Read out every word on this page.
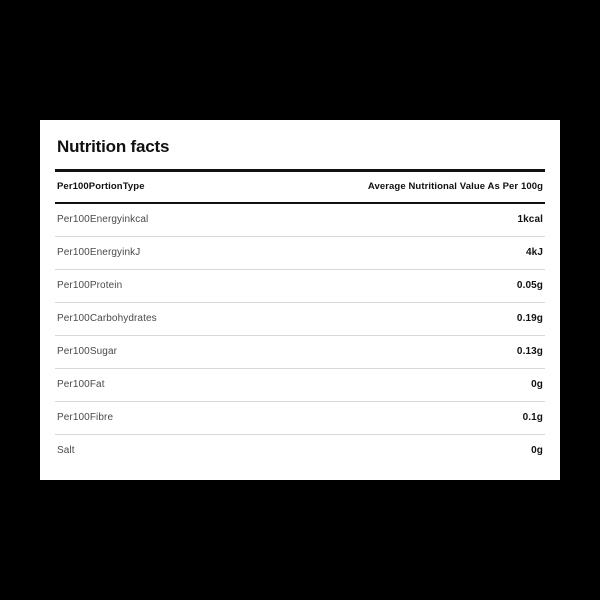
Nutrition facts
Per100PortionType	Average Nutritional Value As Per 100g
Per100Energyinkcal	1kcal
Per100EnergyinkJ	4kJ
Per100Protein	0.05g
Per100Carbohydrates	0.19g
Per100Sugar	0.13g
Per100Fat	0g
Per100Fibre	0.1g
Salt	0g
